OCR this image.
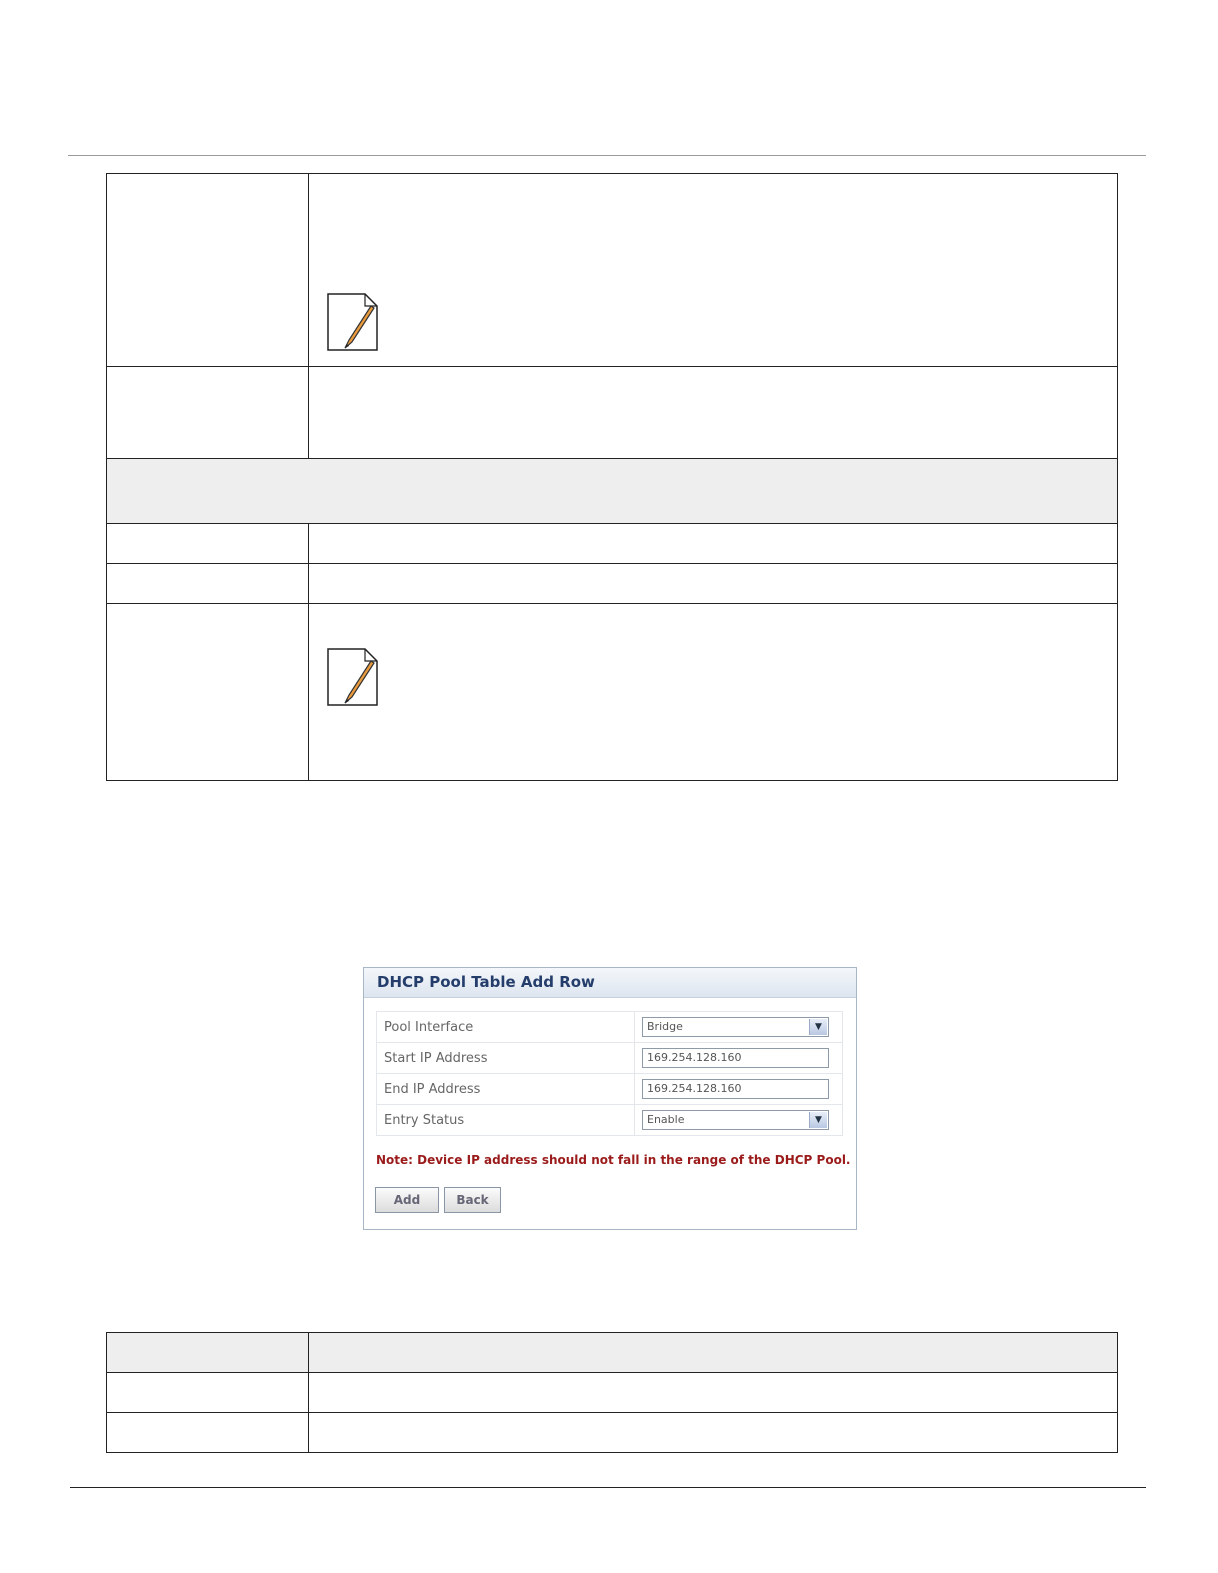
DHCP Pool Table Add Row
Pool Interface	Bridge ▼

Start IP Address	169.254.128.160

End IP Address	169.254.128.160

Entry Status	Enable ▼
Note: Device IP address should not fall in the range of the DHCP Pool.
Add	Back
